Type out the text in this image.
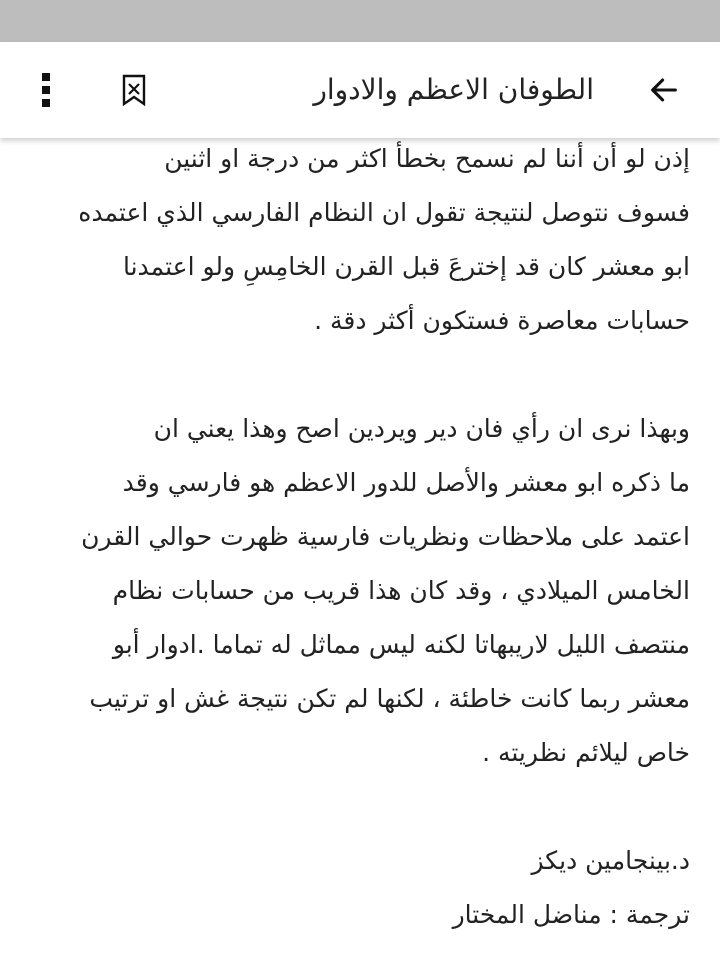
الطوفان الاعظم والادوار
إذن لو أن أننا لم نسمح بخطأ اكثر من درجة او اثنين
فسوف نتوصل لنتيجة تقول ان النظام الفارسي الذي اعتمده
ابو معشر كان قد إخترعَ قبل القرن الخامِسِ ولو اعتمدنا
حسابات معاصرة فستكون أكثر دقة .
وبهذا نرى ان رأي فان دير ويردين اصح وهذا يعني ان
ما ذكره ابو معشر والأصل للدور الاعظم هو فارسي وقد
اعتمد على ملاحظات ونظريات فارسية ظهرت حوالي القرن
الخامس الميلادي ، وقد كان هذا قريب من حسابات نظام
منتصف الليل لاريبهاتا لكنه ليس مماثل له تماما .ادوار أبو
معشر ربما كانت خاطئة ، لكنها لم تكن نتيجة غش او ترتيب
خاص ليلائم نظريته .
د.بينجامين ديكز
ترجمة : مناضل المختار
